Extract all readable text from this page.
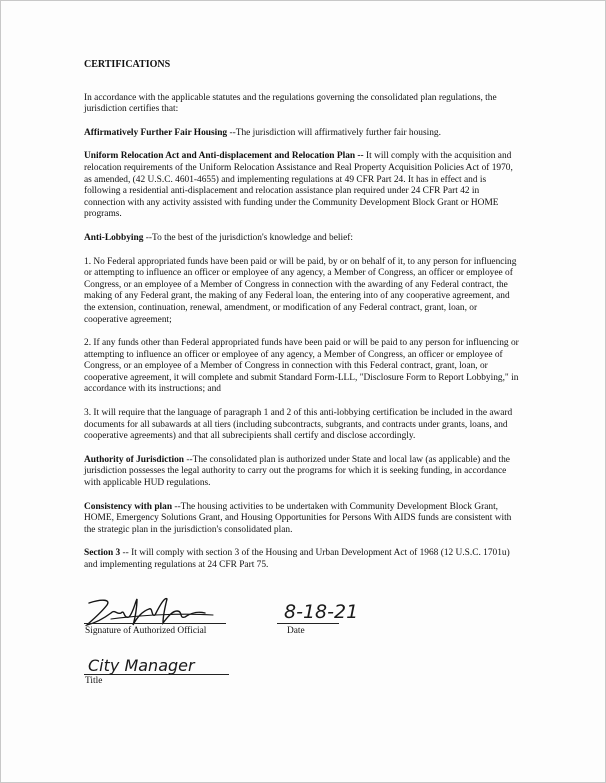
CERTIFICATIONS

In accordance with the applicable statutes and the regulations governing the consolidated plan regulations, the jurisdiction certifies that:

Affirmatively Further Fair Housing --The jurisdiction will affirmatively further fair housing.

Uniform Relocation Act and Anti-displacement and Relocation Plan -- It will comply with the acquisition and relocation requirements of the Uniform Relocation Assistance and Real Property Acquisition Policies Act of 1970, as amended, (42 U.S.C. 4601-4655) and implementing regulations at 49 CFR Part 24. It has in effect and is following a residential anti-displacement and relocation assistance plan required under 24 CFR Part 42 in connection with any activity assisted with funding under the Community Development Block Grant or HOME programs.

Anti-Lobbying --To the best of the jurisdiction's knowledge and belief:

1. No Federal appropriated funds have been paid or will be paid, by or on behalf of it, to any person for influencing or attempting to influence an officer or employee of any agency, a Member of Congress, an officer or employee of Congress, or an employee of a Member of Congress in connection with the awarding of any Federal contract, the making of any Federal grant, the making of any Federal loan, the entering into of any cooperative agreement, and the extension, continuation, renewal, amendment, or modification of any Federal contract, grant, loan, or cooperative agreement;

2. If any funds other than Federal appropriated funds have been paid or will be paid to any person for influencing or attempting to influence an officer or employee of any agency, a Member of Congress, an officer or employee of Congress, or an employee of a Member of Congress in connection with this Federal contract, grant, loan, or cooperative agreement, it will complete and submit Standard Form-LLL, "Disclosure Form to Report Lobbying," in accordance with its instructions; and

3. It will require that the language of paragraph 1 and 2 of this anti-lobbying certification be included in the award documents for all subawards at all tiers (including subcontracts, subgrants, and contracts under grants, loans, and cooperative agreements) and that all subrecipients shall certify and disclose accordingly.

Authority of Jurisdiction --The consolidated plan is authorized under State and local law (as applicable) and the jurisdiction possesses the legal authority to carry out the programs for which it is seeking funding, in accordance with applicable HUD regulations.

Consistency with plan --The housing activities to be undertaken with Community Development Block Grant, HOME, Emergency Solutions Grant, and Housing Opportunities for Persons With AIDS funds are consistent with the strategic plan in the jurisdiction's consolidated plan.

Section 3 -- It will comply with section 3 of the Housing and Urban Development Act of 1968 (12 U.S.C. 1701u) and implementing regulations at 24 CFR Part 75.

Signature of Authorized Official
8-18-21
Date
City Manager
Title
